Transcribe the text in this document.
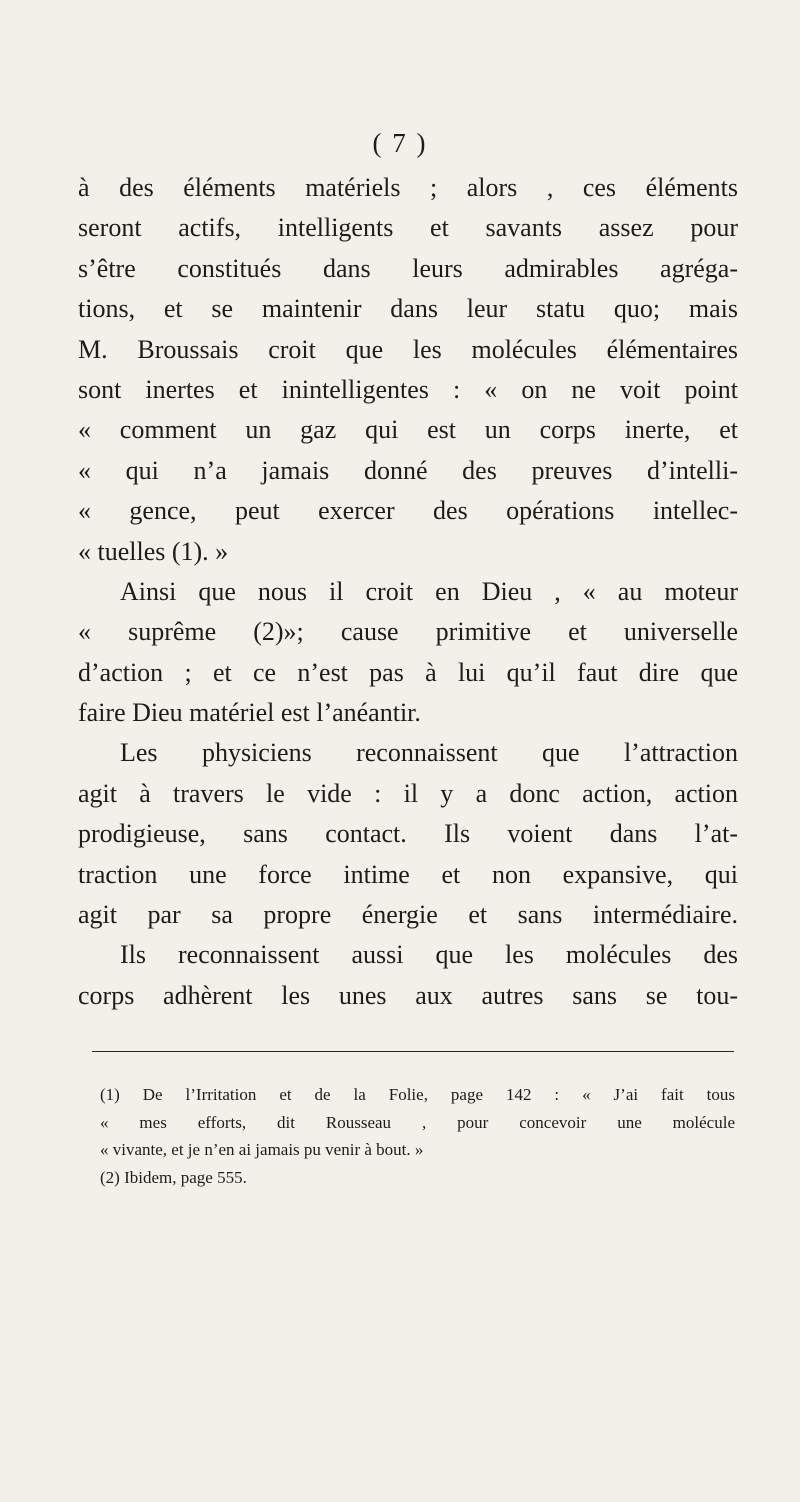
( 7 )
à des éléments matériels ; alors , ces éléments
seront actifs, intelligents et savants assez pour
s’être constitués dans leurs admirables agréga-
tions, et se maintenir dans leur statu quo; mais
M. Broussais croit que les molécules élémentaires
sont inertes et inintelligentes : « on ne voit point
« comment un gaz qui est un corps inerte, et
« qui n’a jamais donné des preuves d’intelli-
« gence, peut exercer des opérations intellec-
« tuelles (1). »
Ainsi que nous il croit en Dieu , « au moteur
« suprême (2)»; cause primitive et universelle
d’action ; et ce n’est pas à lui qu’il faut dire que
faire Dieu matériel est l’anéantir.
Les physiciens reconnaissent que l’attraction
agit à travers le vide : il y a donc action, action
prodigieuse, sans contact. Ils voient dans l’at-
traction une force intime et non expansive, qui
agit par sa propre énergie et sans intermédiaire.
Ils reconnaissent aussi que les molécules des
corps adhèrent les unes aux autres sans se tou-
(1) De l’Irritation et de la Folie, page 142 : « J’ai fait tous
« mes efforts, dit Rousseau , pour concevoir une molécule
« vivante, et je n’en ai jamais pu venir à bout. »
(2) Ibidem, page 555.
